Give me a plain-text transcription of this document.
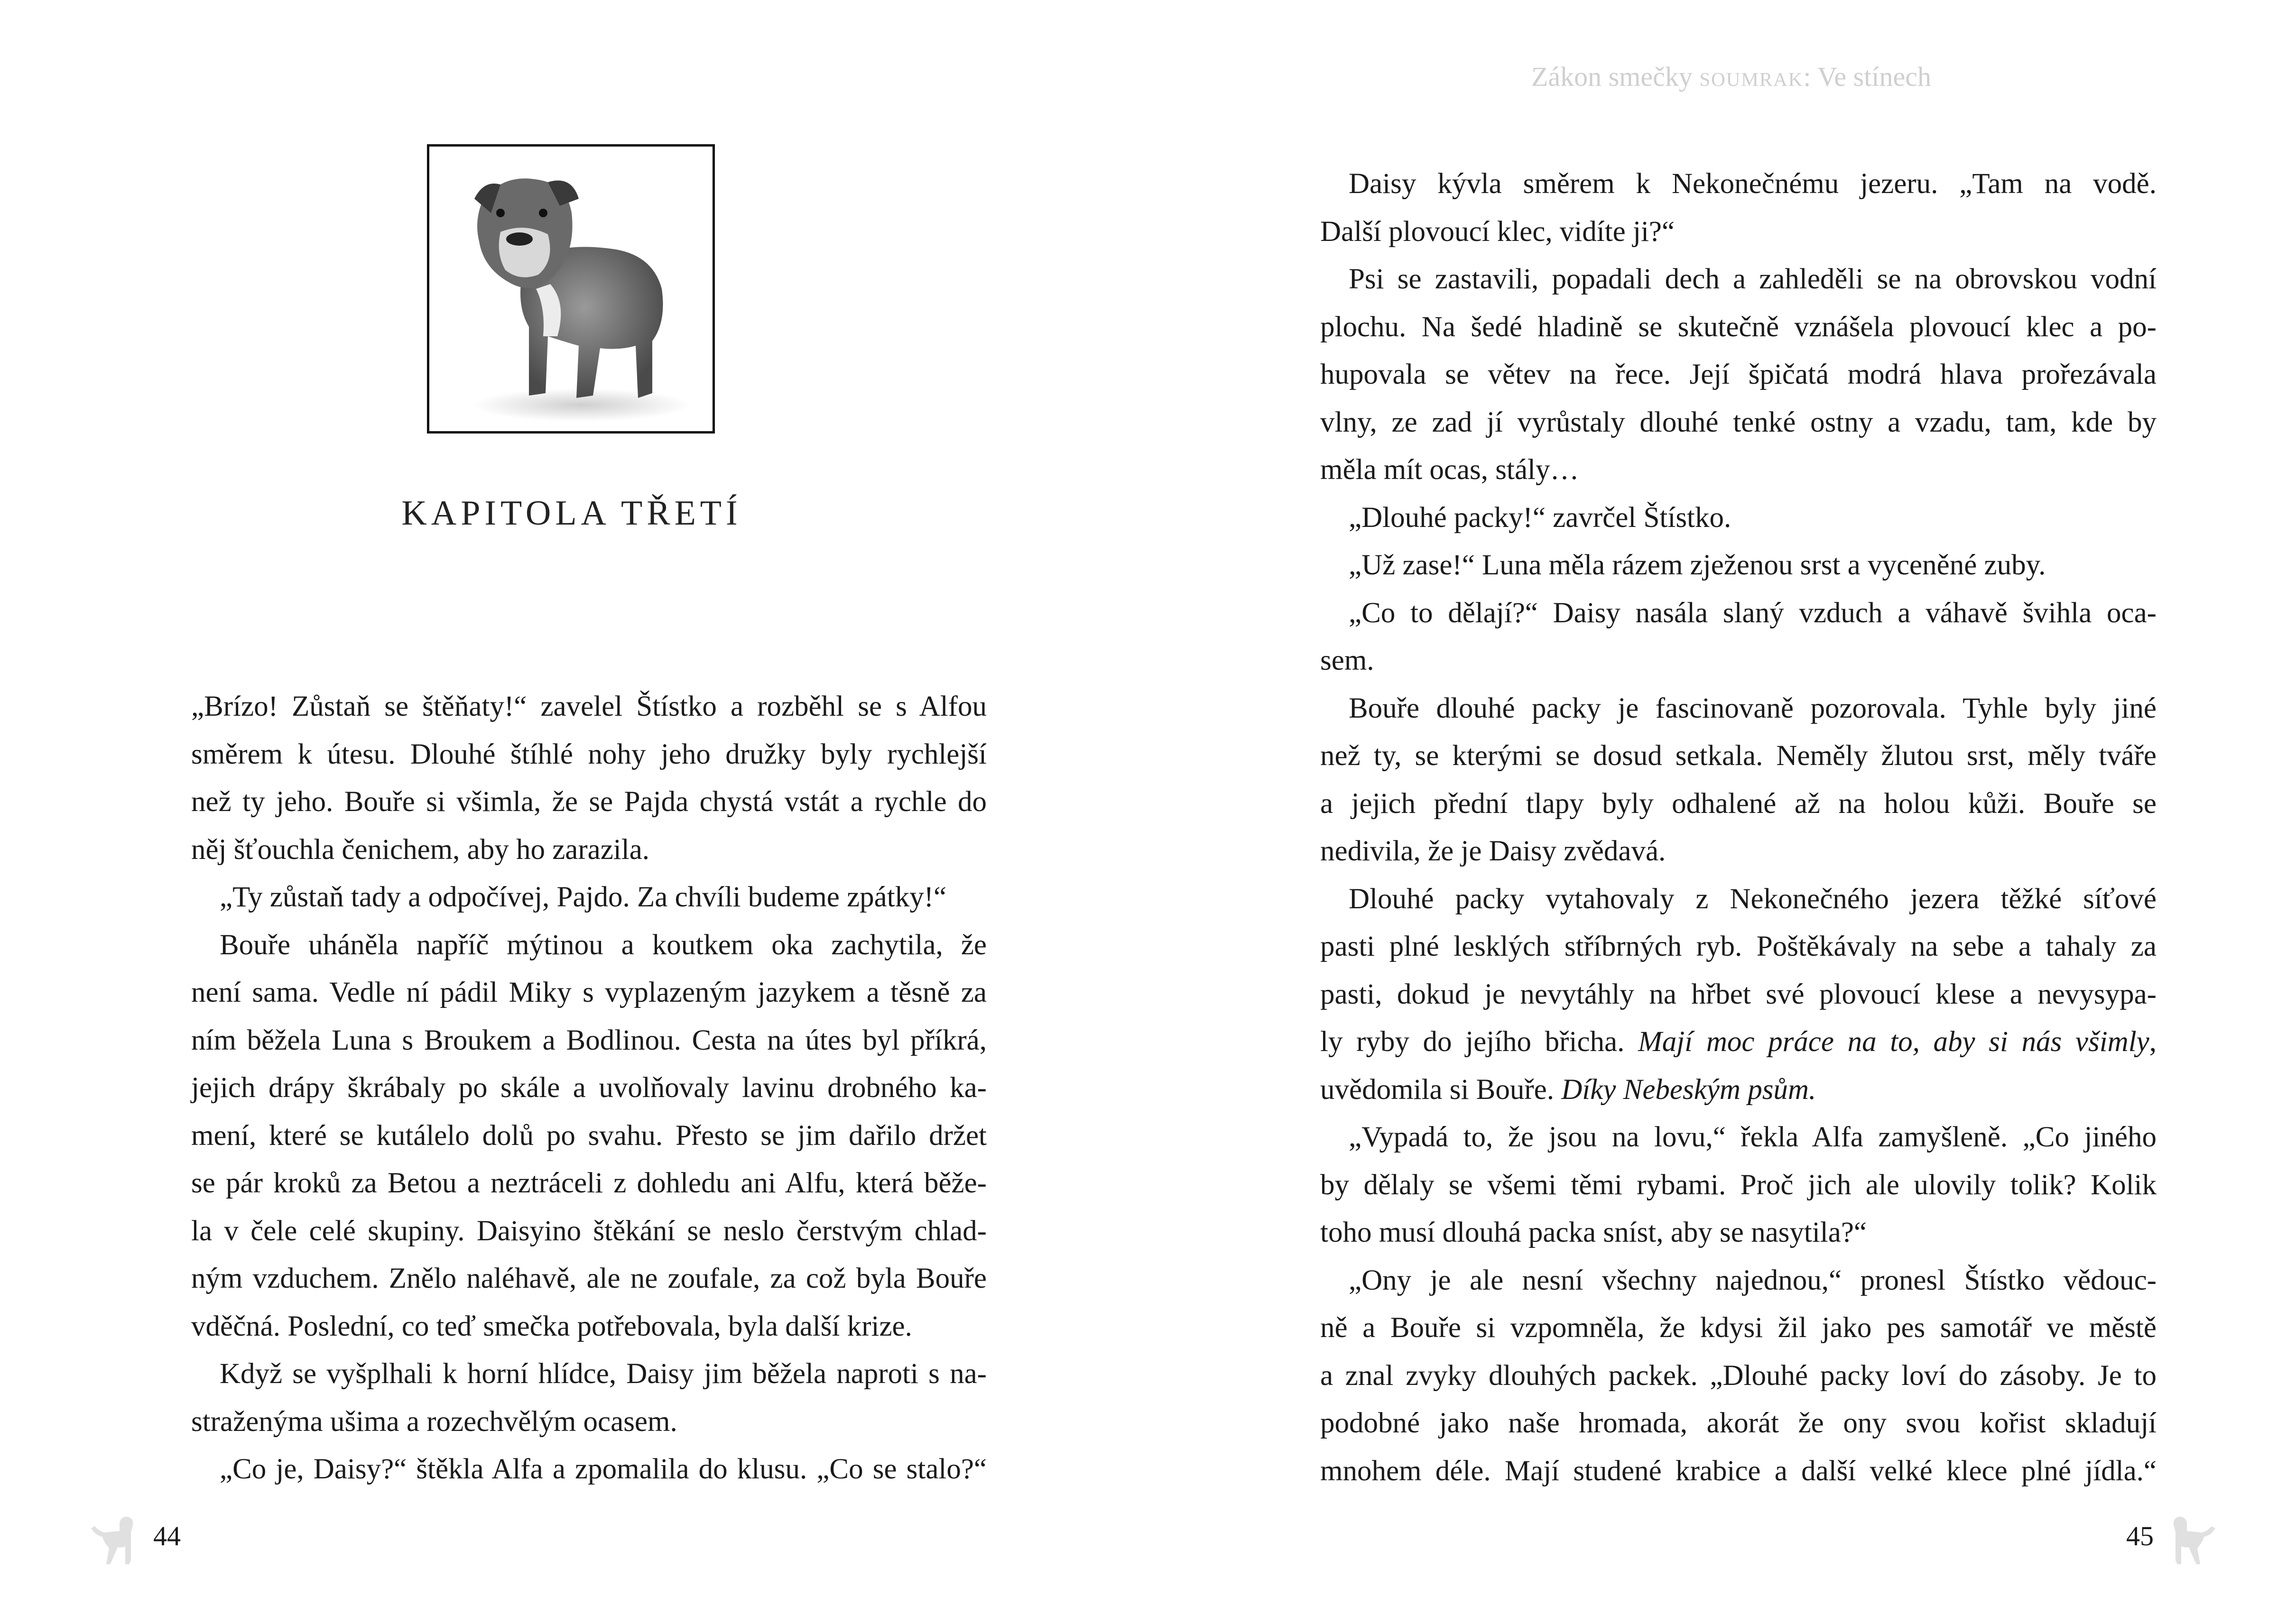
KAPITOLA TŘETÍ
„Brízo! Zůstaň se štěňaty!“ zavelel Štístko a rozběhl se s Alfou
směrem k útesu. Dlouhé štíhlé nohy jeho družky byly rychlejší
než ty jeho. Bouře si všimla, že se Pajda chystá vstát a rychle do
něj šťouchla čenichem, aby ho zarazila.
„Ty zůstaň tady a odpočívej, Pajdo. Za chvíli budeme zpátky!“
Bouře uháněla napříč mýtinou a koutkem oka zachytila, že
není sama. Vedle ní pádil Miky s vyplazeným jazykem a těsně za
ním běžela Luna s Broukem a Bodlinou. Cesta na útes byl příkrá,
jejich drápy škrábaly po skále a uvolňovaly lavinu drobného ka-
mení, které se kutálelo dolů po svahu. Přesto se jim dařilo držet
se pár kroků za Betou a neztráceli z dohledu ani Alfu, která běže-
la v čele celé skupiny. Daisyino štěkání se neslo čerstvým chlad-
ným vzduchem. Znělo naléhavě, ale ne zoufale, za což byla Bouře
vděčná. Poslední, co teď smečka potřebovala, byla další krize.
Když se vyšplhali k horní hlídce, Daisy jim běžela naproti s na-
straženýma ušima a rozechvělým ocasem.
„Co je, Daisy?“ štěkla Alfa a zpomalila do klusu. „Co se stalo?“
44
Zákon smečky soumrak: Ve stínech
Daisy kývla směrem k Nekonečnému jezeru. „Tam na vodě.
Další plovoucí klec, vidíte ji?“
Psi se zastavili, popadali dech a zahleděli se na obrovskou vodní
plochu. Na šedé hladině se skutečně vznášela plovoucí klec a po-
hupovala se větev na řece. Její špičatá modrá hlava prořezávala
vlny, ze zad jí vyrůstaly dlouhé tenké ostny a vzadu, tam, kde by
měla mít ocas, stály…
„Dlouhé packy!“ zavrčel Štístko.
„Už zase!“ Luna měla rázem zježenou srst a vyceněné zuby.
„Co to dělají?“ Daisy nasála slaný vzduch a váhavě švihla oca-
sem.
Bouře dlouhé packy je fascinovaně pozorovala. Tyhle byly jiné
než ty, se kterými se dosud setkala. Neměly žlutou srst, měly tváře
a jejich přední tlapy byly odhalené až na holou kůži. Bouře se
nedivila, že je Daisy zvědavá.
Dlouhé packy vytahovaly z Nekonečného jezera těžké síťové
pasti plné lesklých stříbrných ryb. Poštěkávaly na sebe a tahaly za
pasti, dokud je nevytáhly na hřbet své plovoucí klese a nevysypa-
ly ryby do jejího břicha. Mají moc práce na to, aby si nás všimly,
uvědomila si Bouře. Díky Nebeským psům.
„Vypadá to, že jsou na lovu,“ řekla Alfa zamyšleně. „Co jiného
by dělaly se všemi těmi rybami. Proč jich ale ulovily tolik? Kolik
toho musí dlouhá packa sníst, aby se nasytila?“
„Ony je ale nesní všechny najednou,“ pronesl Štístko vědouc-
ně a Bouře si vzpomněla, že kdysi žil jako pes samotář ve městě
a znal zvyky dlouhých packek. „Dlouhé packy loví do zásoby. Je to
podobné jako naše hromada, akorát že ony svou kořist skladují
mnohem déle. Mají studené krabice a další velké klece plné jídla.“
45
